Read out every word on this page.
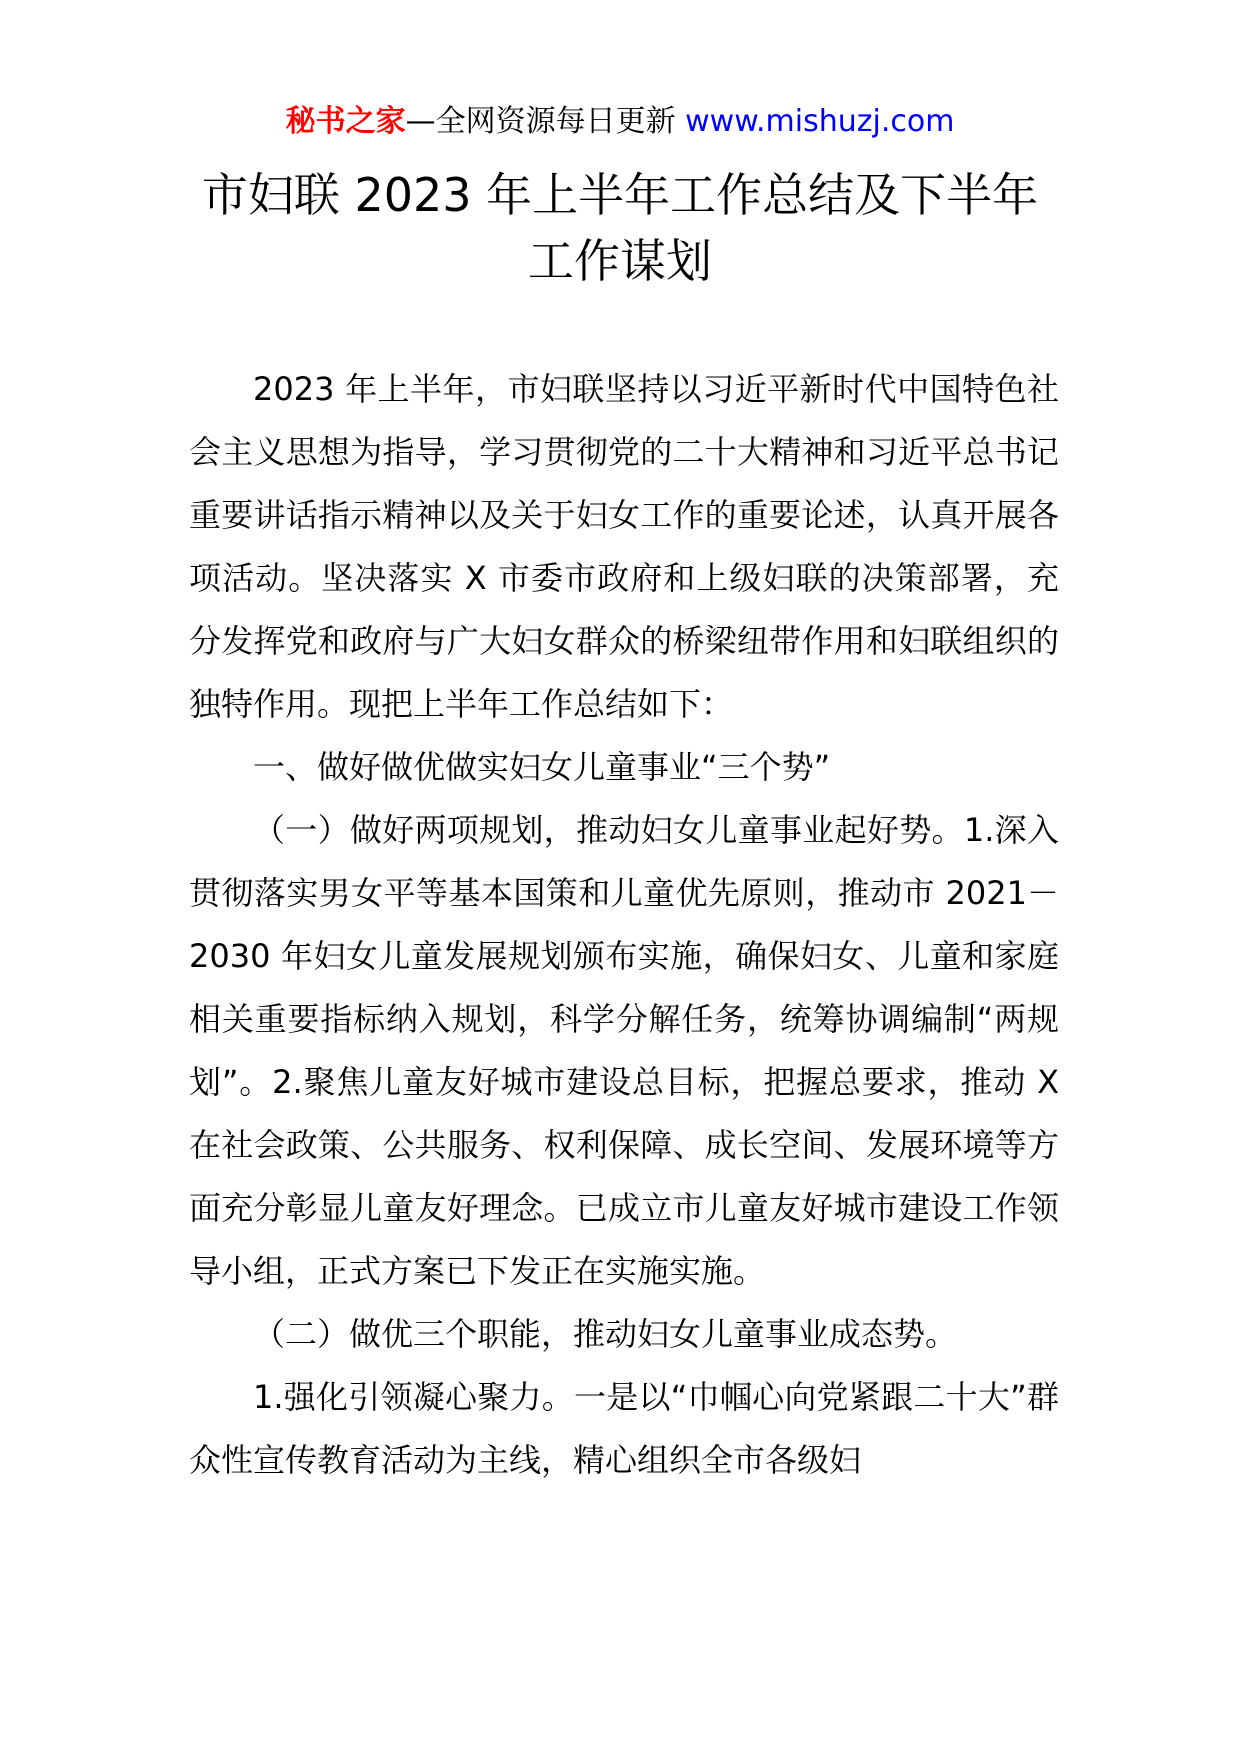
秘书之家—全网资源每日更新 www.mishuzj.com
市妇联 2023 年上半年工作总结及下半年
工作谋划

2023 年上半年，市妇联坚持以习近平新时代中国特色社会主义思想为指导，学习贯彻党的二十大精神和习近平总书记重要讲话指示精神以及关于妇女工作的重要论述，认真开展各项活动。坚决落实 X 市委市政府和上级妇联的决策部署，充分发挥党和政府与广大妇女群众的桥梁纽带作用和妇联组织的独特作用。现把上半年工作总结如下：

一、做好做优做实妇女儿童事业“三个势”

（一）做好两项规划，推动妇女儿童事业起好势。1.深入贯彻落实男女平等基本国策和儿童优先原则，推动市 2021－2030 年妇女儿童发展规划颁布实施，确保妇女、儿童和家庭相关重要指标纳入规划，科学分解任务，统筹协调编制“两规划”。2.聚焦儿童友好城市建设总目标，把握总要求，推动 X 在社会政策、公共服务、权利保障、成长空间、发展环境等方面充分彰显儿童友好理念。已成立市儿童友好城市建设工作领导小组，正式方案已下发正在实施实施。

（二）做优三个职能，推动妇女儿童事业成态势。

1.强化引领凝心聚力。一是以“巾帼心向党紧跟二十大”群众性宣传教育活动为主线，精心组织全市各级妇
